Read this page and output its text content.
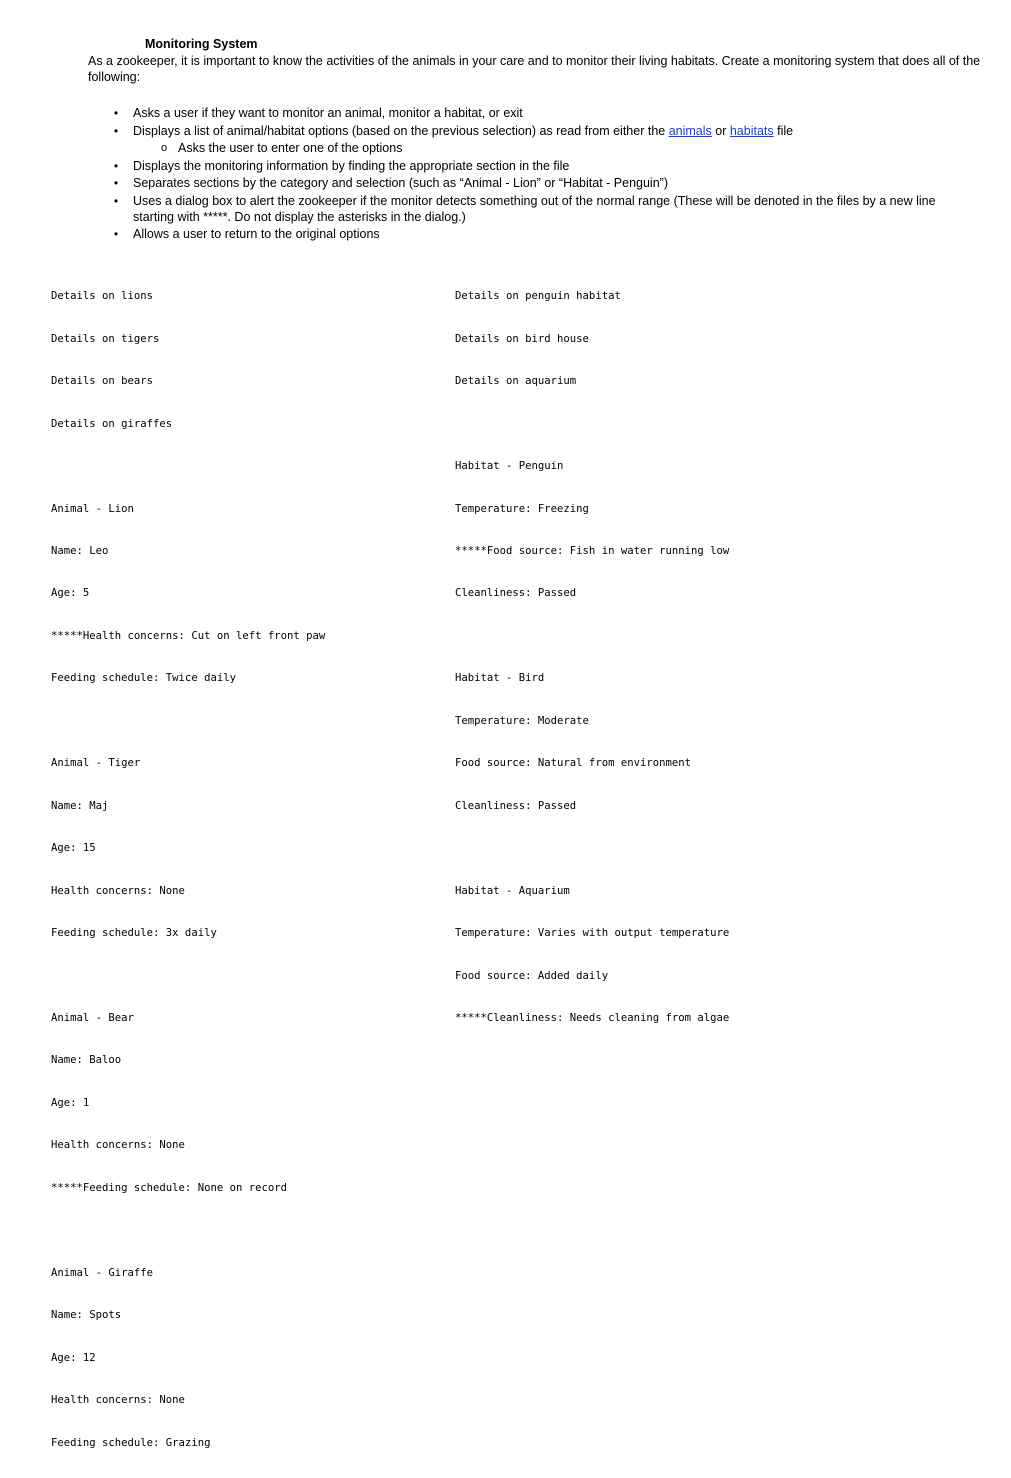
Monitoring System
As a zookeeper, it is important to know the activities of the animals in your care and to monitor their living habitats. Create a monitoring system that does all of the following:
•	Asks a user if they want to monitor an animal, monitor a habitat, or exit
•	Displays a list of animal/habitat options (based on the previous selection) as read from either the animals or habitats file
o Asks the user to enter one of the options
•	Displays the monitoring information by finding the appropriate section in the file
•	Separates sections by the category and selection (such as “Animal - Lion” or “Habitat - Penguin”)
•	Uses a dialog box to alert the zookeeper if the monitor detects something out of the normal range (These will be denoted in the files by a new line starting with *****. Do not display the asterisks in the dialog.)
•	Allows a user to return to the original options

Details on lions

Details on tigers

Details on bears

Details on giraffes

Animal - Lion

Name: Leo

Age: 5

*****Health concerns: Cut on left front paw

Feeding schedule: Twice daily

Animal - Tiger

Name: Maj

Age: 15

Health concerns: None

Feeding schedule: 3x daily

Animal - Bear

Name: Baloo

Age: 1

Health concerns: None

*****Feeding schedule: None on record

Animal - Giraffe

Name: Spots

Age: 12

Health concerns: None

Feeding schedule: Grazing

Details on penguin habitat

Details on bird house

Details on aquarium

Habitat - Penguin

Temperature: Freezing

*****Food source: Fish in water running low

Cleanliness: Passed

Habitat - Bird

Temperature: Moderate

Food source: Natural from environment

Cleanliness: Passed

Habitat - Aquarium

Temperature: Varies with output temperature

Food source: Added daily

*****Cleanliness: Needs cleaning from algae
